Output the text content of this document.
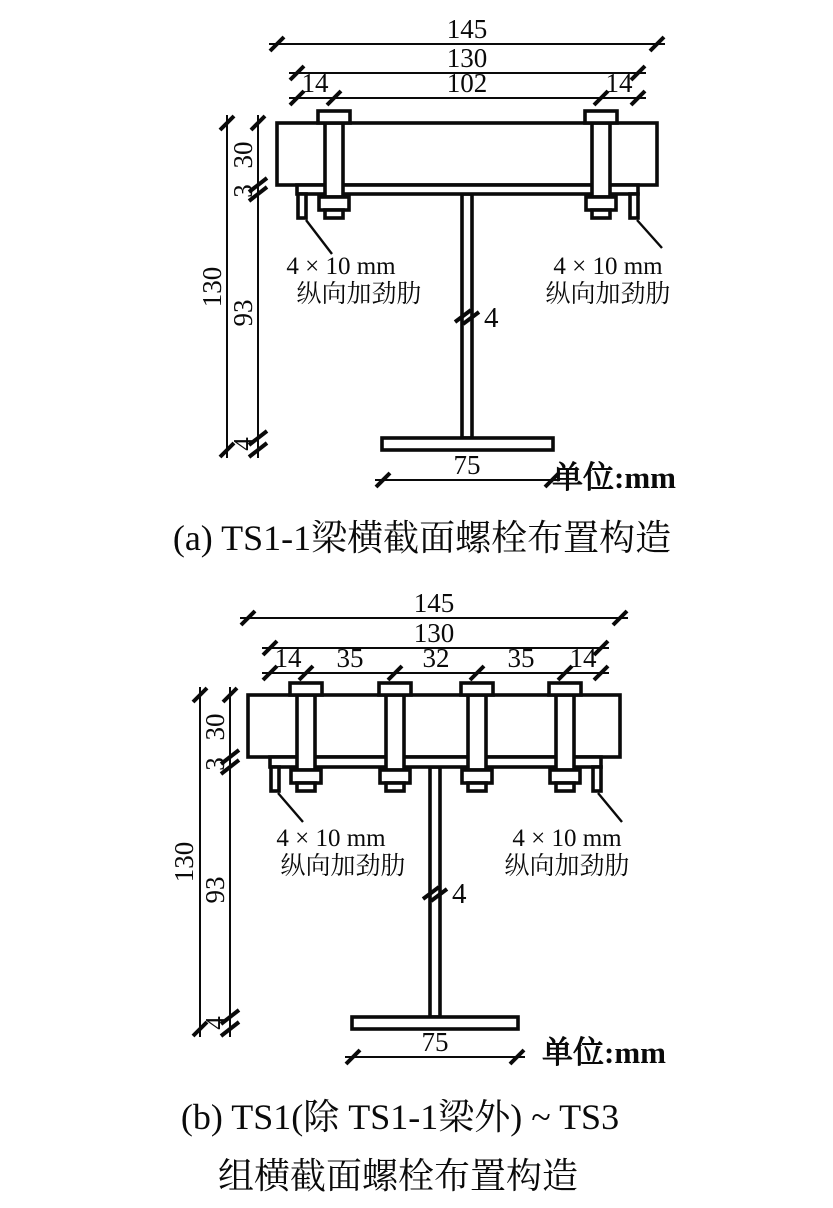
145
130
14	102	14
130
30
3
93
4
4
4 × 10 mm
纵向加劲肋
4 × 10 mm
纵向加劲肋
75 单位:mm
(a) TS1-1梁横截面螺栓布置构造
145
130
14 35 32 35 14
130
30
3
93
4
4
4 × 10 mm
纵向加劲肋
4 × 10 mm
纵向加劲肋
75	单位:mm
(b) TS1(除 TS1-1梁外) ~ TS3
组横截面螺栓布置构造
